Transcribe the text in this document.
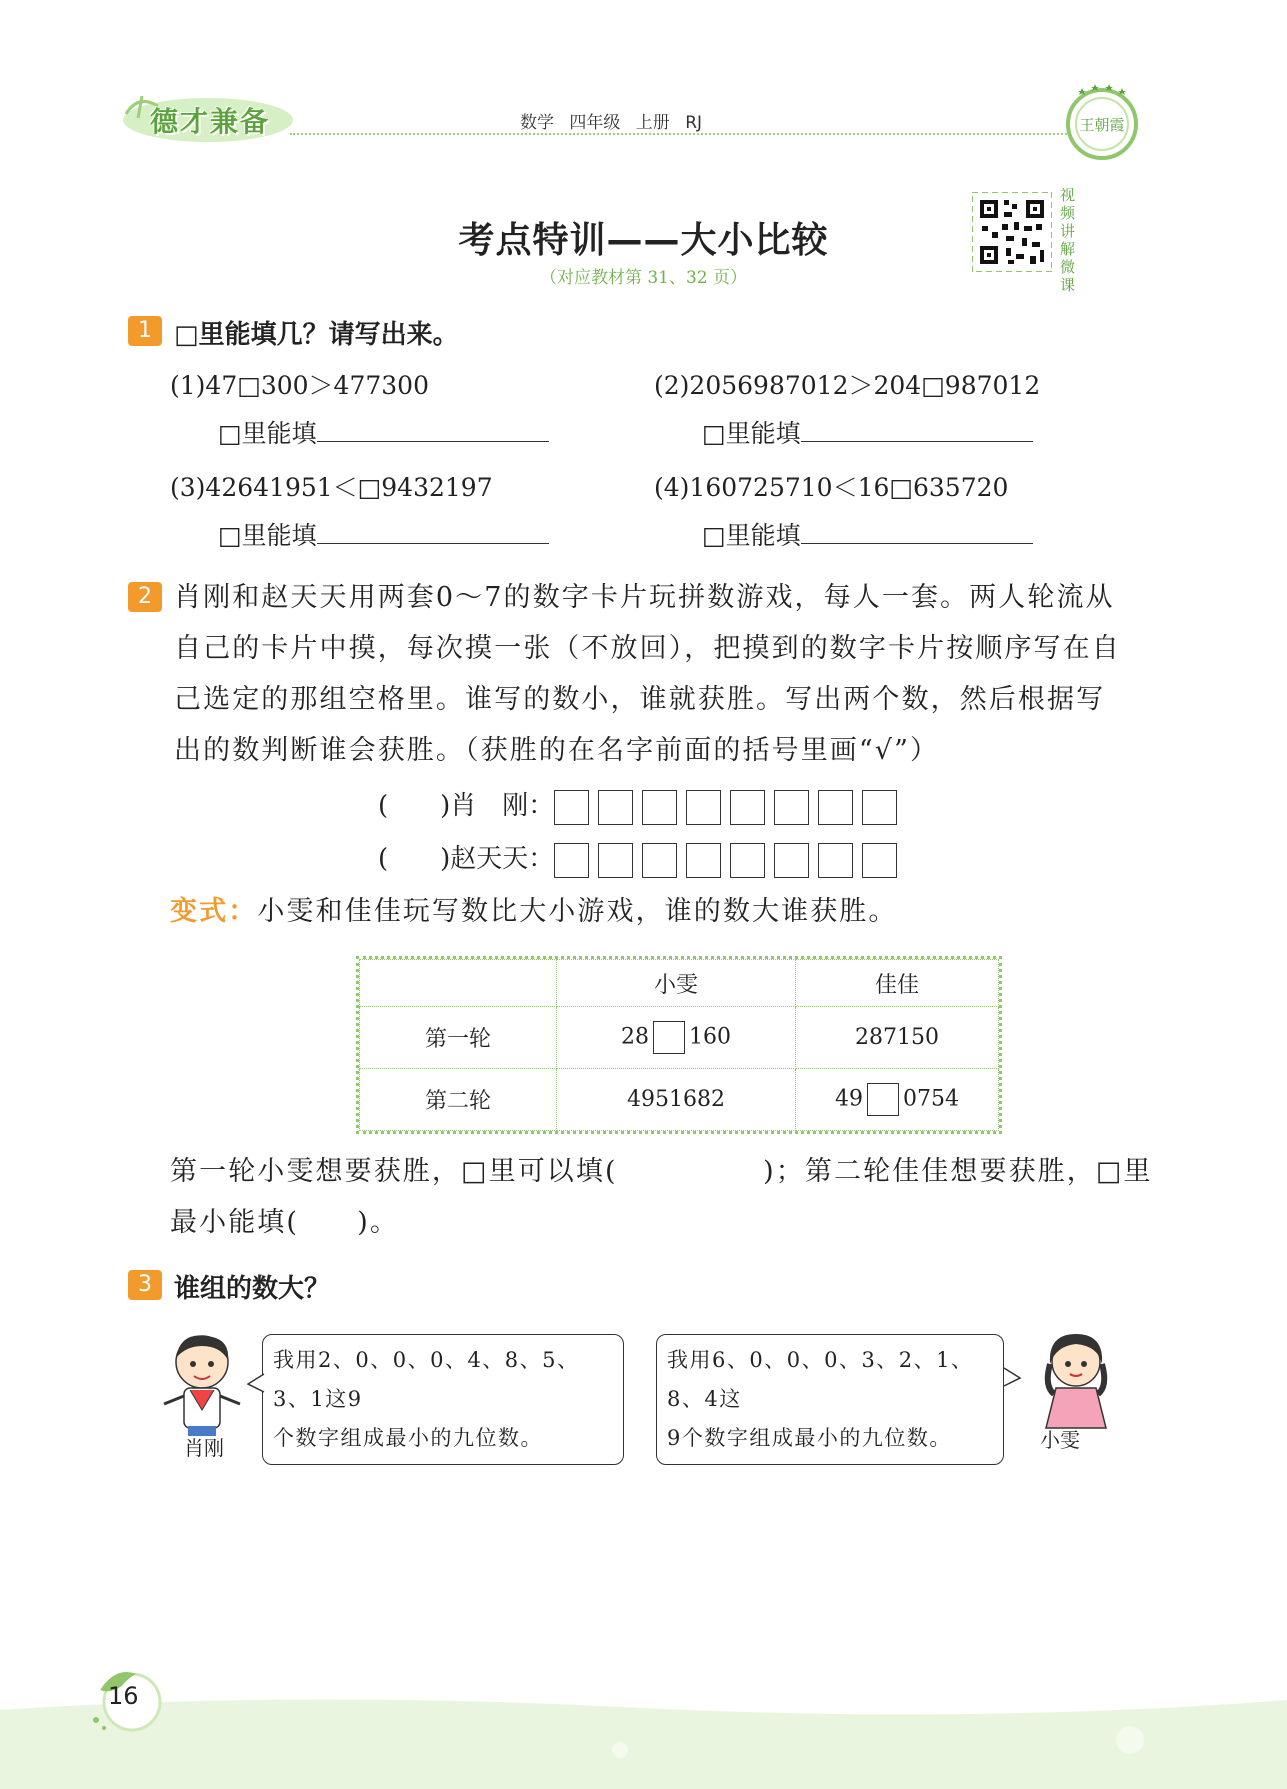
德才兼备	数学 四年级 上册 RJ	王朝霞
考点特训——大小比较
（对应教材第 31、32 页）
视频讲解微课
1 □里能填几？请写出来。
(1)47□300＞477300	(2)2056987012＞204□987012
□里能填	□里能填
(3)42641951＜□9432197	(4)160725710＜16□635720
□里能填	□里能填
2 肖刚和赵天天用两套0～7的数字卡片玩拼数游戏，每人一套。两人轮流从
自己的卡片中摸，每次摸一张（不放回），把摸到的数字卡片按顺序写在自
己选定的那组空格里。谁写的数小，谁就获胜。写出两个数，然后根据写
出的数判断谁会获胜。（获胜的在名字前面的括号里画“√”）
(　　)肖　刚：
(　　)赵天天：
变式：小雯和佳佳玩写数比大小游戏，谁的数大谁获胜。
	小雯	佳佳
第一轮	28 160	287150
第二轮	4951682	49 0754
第一轮小雯想要获胜，□里可以填(　　　　　)；第二轮佳佳想要获胜，□里
最小能填(　　)。
3 谁组的数大？
肖刚
我用2、0、0、0、4、8、5、3、1这9
个数字组成最小的九位数。
我用6、0、0、0、3、2、1、8、4这
9个数字组成最小的九位数。	小雯
16
